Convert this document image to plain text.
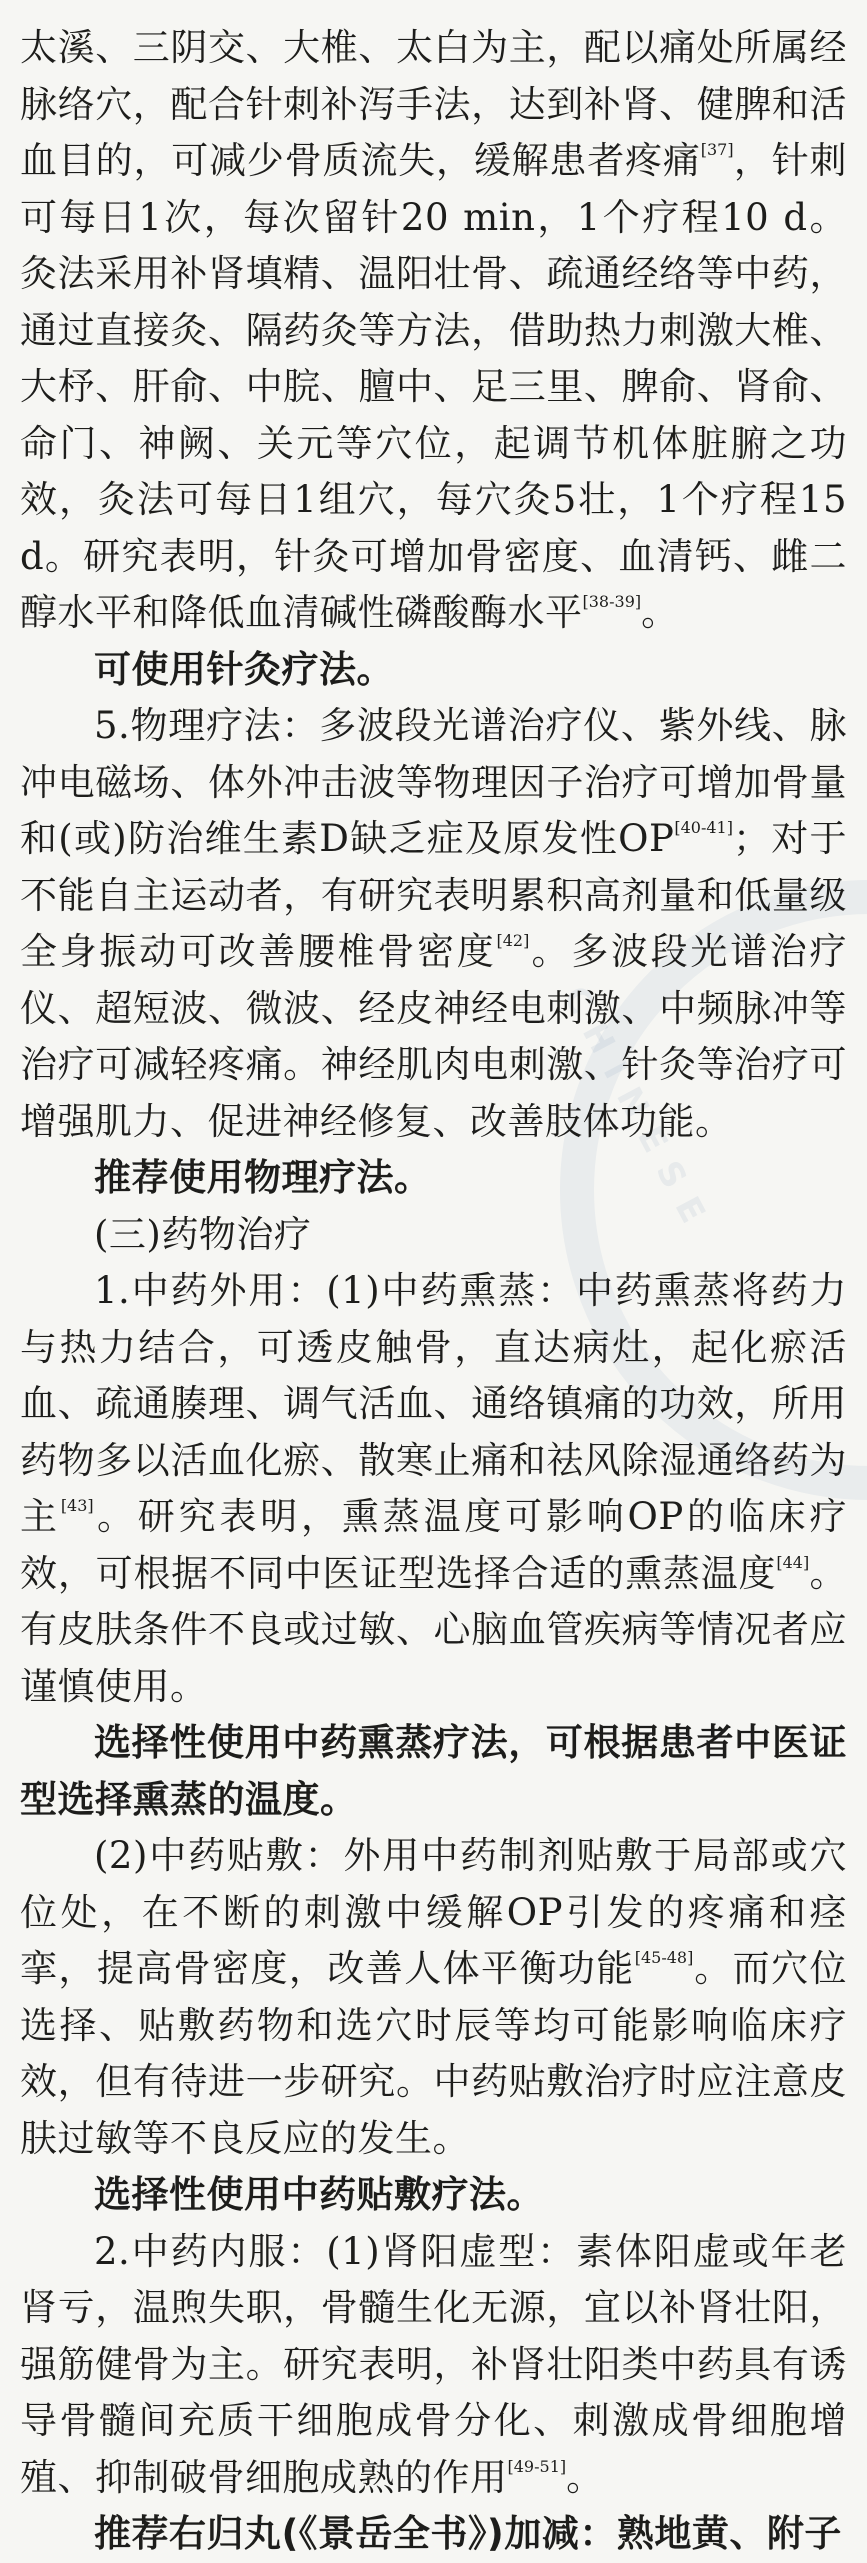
CHINESE

太溪、三阴交、大椎、太白为主，配以痛处所属经脉络穴，配合针刺补泻手法，达到补肾、健脾和活血目的，可减少骨质流失，缓解患者疼痛[37]，针刺可每日1次，每次留针20 min，1个疗程10 d。灸法采用补肾填精、温阳壮骨、疏通经络等中药，通过直接灸、隔药灸等方法，借助热力刺激大椎、大杼、肝俞、中脘、膻中、足三里、脾俞、肾俞、命门、神阙、关元等穴位，起调节机体脏腑之功效，灸法可每日1组穴，每穴灸5壮，1个疗程15 d。研究表明，针灸可增加骨密度、血清钙、雌二醇水平和降低血清碱性磷酸酶水平[38-39]。

可使用针灸疗法。

5.物理疗法：多波段光谱治疗仪、紫外线、脉冲电磁场、体外冲击波等物理因子治疗可增加骨量和(或)防治维生素D缺乏症及原发性OP[40-41]；对于不能自主运动者，有研究表明累积高剂量和低量级全身振动可改善腰椎骨密度[42]。多波段光谱治疗仪、超短波、微波、经皮神经电刺激、中频脉冲等治疗可减轻疼痛。神经肌肉电刺激、针灸等治疗可增强肌力、促进神经修复、改善肢体功能。

推荐使用物理疗法。

(三)药物治疗

1.中药外用：(1)中药熏蒸：中药熏蒸将药力与热力结合，可透皮触骨，直达病灶，起化瘀活血、疏通腠理、调气活血、通络镇痛的功效，所用药物多以活血化瘀、散寒止痛和祛风除湿通络药为主[43]。研究表明，熏蒸温度可影响OP的临床疗效，可根据不同中医证型选择合适的熏蒸温度[44]。有皮肤条件不良或过敏、心脑血管疾病等情况者应谨慎使用。

选择性使用中药熏蒸疗法，可根据患者中医证型选择熏蒸的温度。

(2)中药贴敷：外用中药制剂贴敷于局部或穴位处，在不断的刺激中缓解OP引发的疼痛和痉挛，提高骨密度，改善人体平衡功能[45-48]。而穴位选择、贴敷药物和选穴时辰等均可能影响临床疗效，但有待进一步研究。中药贴敷治疗时应注意皮肤过敏等不良反应的发生。

选择性使用中药贴敷疗法。

2.中药内服：(1)肾阳虚型：素体阳虚或年老肾亏，温煦失职，骨髓生化无源，宜以补肾壮阳，强筋健骨为主。研究表明，补肾壮阳类中药具有诱导骨髓间充质干细胞成骨分化、刺激成骨细胞增殖、抑制破骨细胞成熟的作用[49-51]。

推荐右归丸(《景岳全书》)加减：熟地黄、附子
